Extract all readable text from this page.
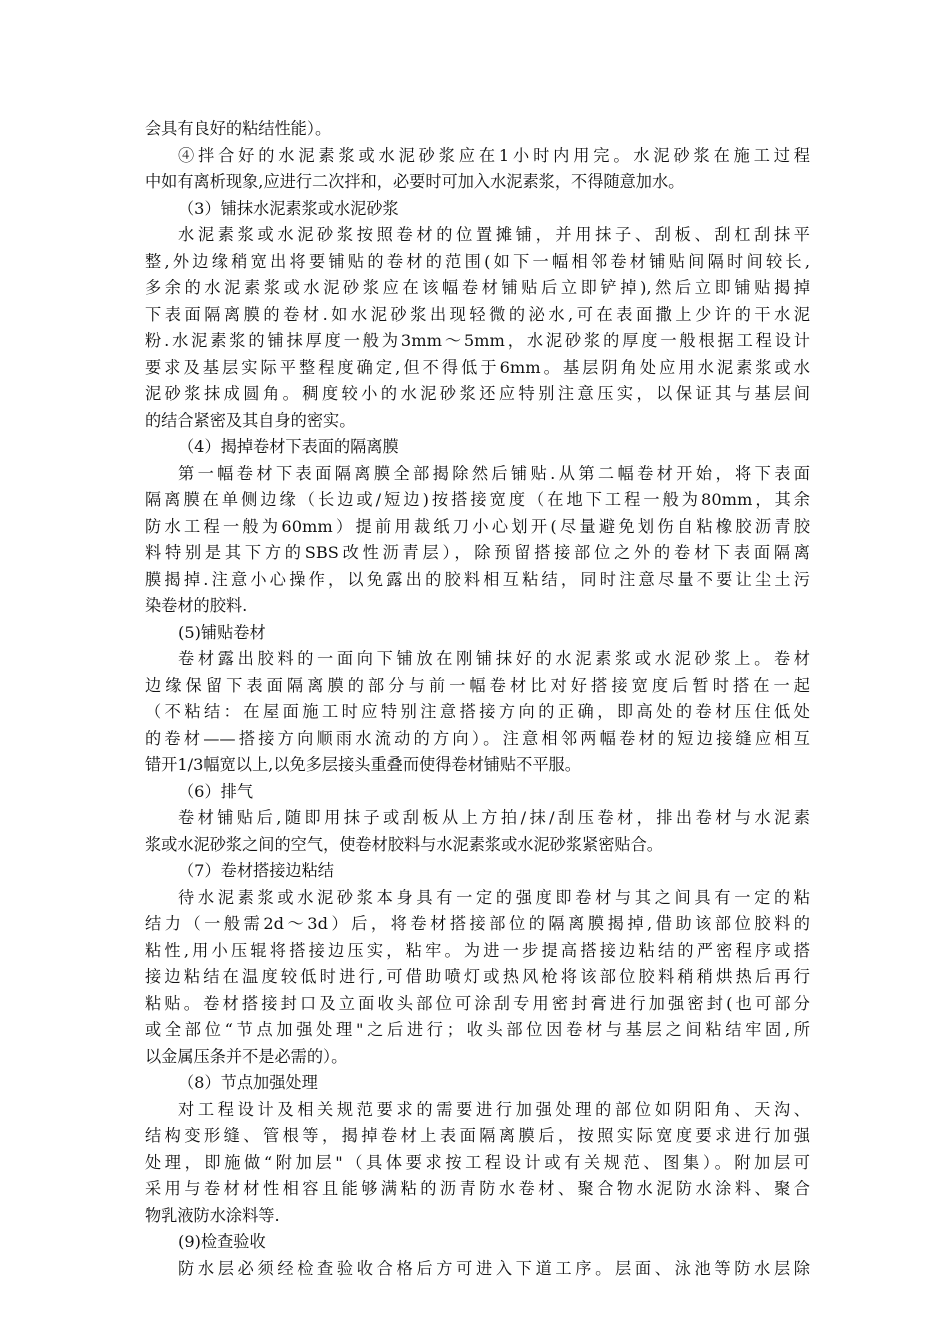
会具有良好的粘结性能）。
④拌合好的水泥素浆或水泥砂浆应在1小时内用完。水泥砂浆在施工过程
中如有离析现象,应进行二次拌和，必要时可加入水泥素浆，不得随意加水。
（3）铺抹水泥素浆或水泥砂浆
水泥素浆或水泥砂浆按照卷材的位置摊铺，并用抹子、刮板、刮杠刮抹平
整,外边缘稍宽出将要铺贴的卷材的范围(如下一幅相邻卷材铺贴间隔时间较长,
多余的水泥素浆或水泥砂浆应在该幅卷材铺贴后立即铲掉),然后立即铺贴揭掉
下表面隔离膜的卷材.如水泥砂浆出现轻微的泌水,可在表面撒上少许的干水泥
粉.水泥素浆的铺抹厚度一般为3mm～5mm，水泥砂浆的厚度一般根据工程设计
要求及基层实际平整程度确定,但不得低于6mm。基层阴角处应用水泥素浆或水
泥砂浆抹成圆角。稠度较小的水泥砂浆还应特别注意压实，以保证其与基层间
的结合紧密及其自身的密实。
（4）揭掉卷材下表面的隔离膜
第一幅卷材下表面隔离膜全部揭除然后铺贴.从第二幅卷材开始，将下表面
隔离膜在单侧边缘（长边或/短边)按搭接宽度（在地下工程一般为80mm，其余
防水工程一般为60mm）提前用裁纸刀小心划开(尽量避免划伤自粘橡胶沥青胶
料特别是其下方的SBS改性沥青层），除预留搭接部位之外的卷材下表面隔离
膜揭掉.注意小心操作，以免露出的胶料相互粘结，同时注意尽量不要让尘土污
染卷材的胶料.
(5)铺贴卷材
卷材露出胶料的一面向下铺放在刚铺抹好的水泥素浆或水泥砂浆上。卷材
边缘保留下表面隔离膜的部分与前一幅卷材比对好搭接宽度后暂时搭在一起
（不粘结：在屋面施工时应特别注意搭接方向的正确，即高处的卷材压住低处
的卷材——搭接方向顺雨水流动的方向）。注意相邻两幅卷材的短边接缝应相互
错开1/3幅宽以上,以免多层接头重叠而使得卷材铺贴不平服。
（6）排气
卷材铺贴后,随即用抹子或刮板从上方拍/抹/刮压卷材，排出卷材与水泥素
浆或水泥砂浆之间的空气，使卷材胶料与水泥素浆或水泥砂浆紧密贴合。
（7）卷材搭接边粘结
待水泥素浆或水泥砂浆本身具有一定的强度即卷材与其之间具有一定的粘
结力（一般需2d～3d）后，将卷材搭接部位的隔离膜揭掉,借助该部位胶料的
粘性,用小压辊将搭接边压实，粘牢。为进一步提高搭接边粘结的严密程序或搭
接边粘结在温度较低时进行,可借助喷灯或热风枪将该部位胶料稍稍烘热后再行
粘贴。卷材搭接封口及立面收头部位可涂刮专用密封膏进行加强密封(也可部分
或全部位“节点加强处理"之后进行；收头部位因卷材与基层之间粘结牢固,所
以金属压条并不是必需的）。
（8）节点加强处理
对工程设计及相关规范要求的需要进行加强处理的部位如阴阳角、天沟、
结构变形缝、管根等，揭掉卷材上表面隔离膜后，按照实际宽度要求进行加强
处理，即施做“附加层"（具体要求按工程设计或有关规范、图集）。附加层可
采用与卷材材性相容且能够满粘的沥青防水卷材、聚合物水泥防水涂料、聚合
物乳液防水涂料等.
(9)检查验收
防水层必须经检查验收合格后方可进入下道工序。层面、泳池等防水层除
